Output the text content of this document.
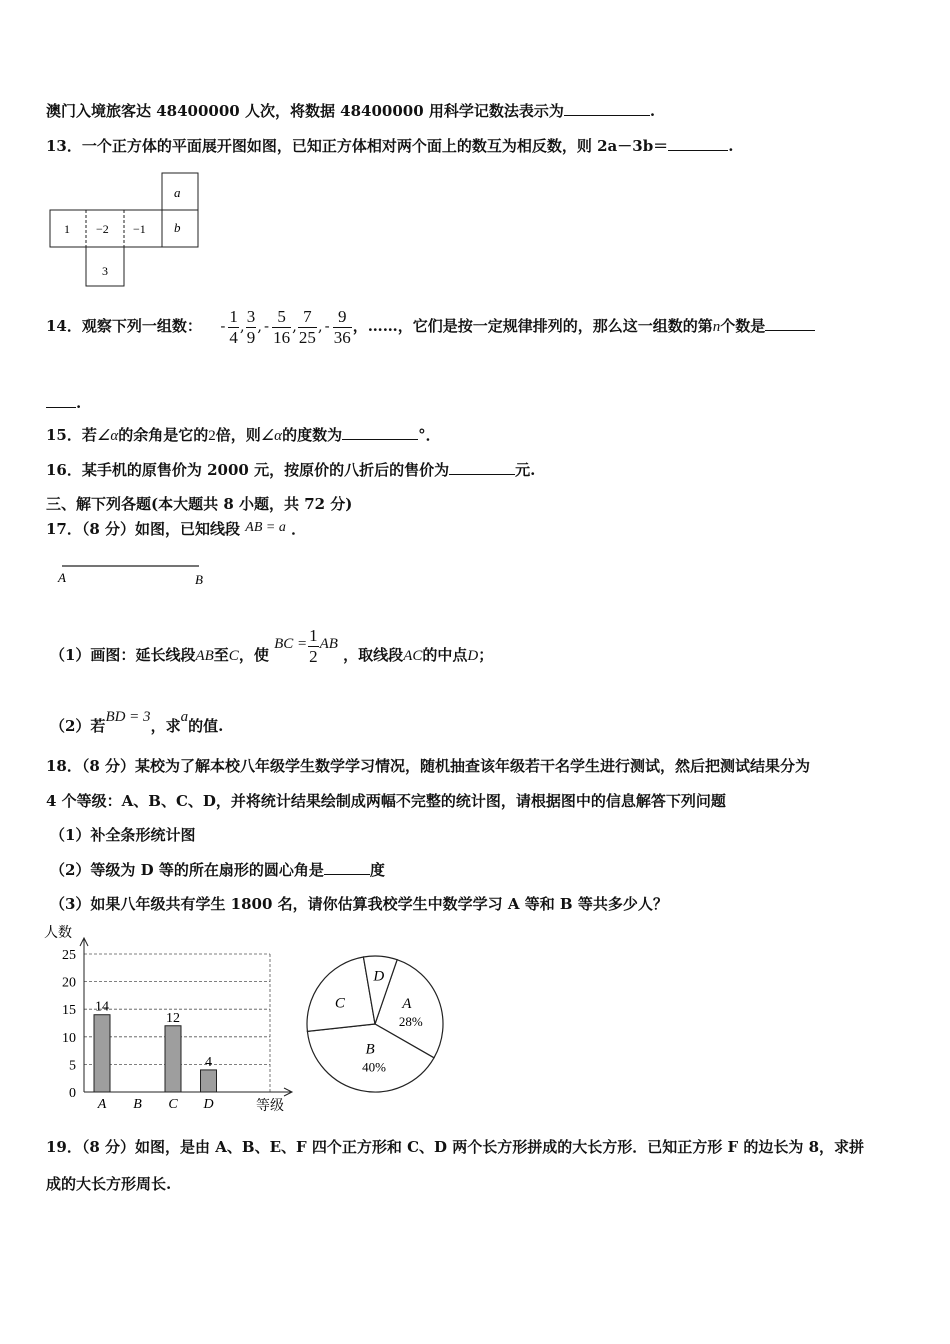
澳门入境旅客达 48400000 人次，将数据 48400000 用科学记数法表示为	.
13．一个正方体的平面展开图如图，已知正方体相对两个面上的数互为相反数，则 2a－3b＝	.
1 −2 −1
a
b
3
14．观察下列一组数： - $\frac{1}{4}$ , $\frac{3}{9}$ , - $\frac{5}{16}$ , $\frac{7}{25}$ , - $\frac{9}{36}$ ，……，它们是按一定规律排列的，那么这一组数的第n个数是
.
15．若∠α的余角是它的2倍，则∠α的度数为	°．
16．某手机的原售价为 2000 元，按原价的八折后的售价为	元.
三、解下列各题(本大题共 8 小题，共 72 分)
17．（8 分）如图，已知线段 AB = a ．
A	B
（1）画图：延长线段AB至C，使 BC = $\frac{1}{2}$ AB ，取线段AC的中点D；
（2）若BD = 3，求a的值.
18．（8 分）某校为了解本校八年级学生数学学习情况，随机抽查该年级若干名学生进行测试，然后把测试结果分为
4 个等级：A、B、C、D，并将统计结果绘制成两幅不完整的统计图，请根据图中的信息解答下列问题
（1）补全条形统计图
（2）等级为 D 等的所在扇形的圆心角是	度
（3）如果八年级共有学生 1800 名，请你估算我校学生中数学学习 A 等和 B 等共多少人？
0
5
10
15
20
25
14
12
4
A B C D
人数
等级
A
28%
B
40%
C
D
19．（8 分）如图，是由 A、B、E、F 四个正方形和 C、D 两个长方形拼成的大长方形．已知正方形 F 的边长为 8，求拼
成的大长方形周长.
